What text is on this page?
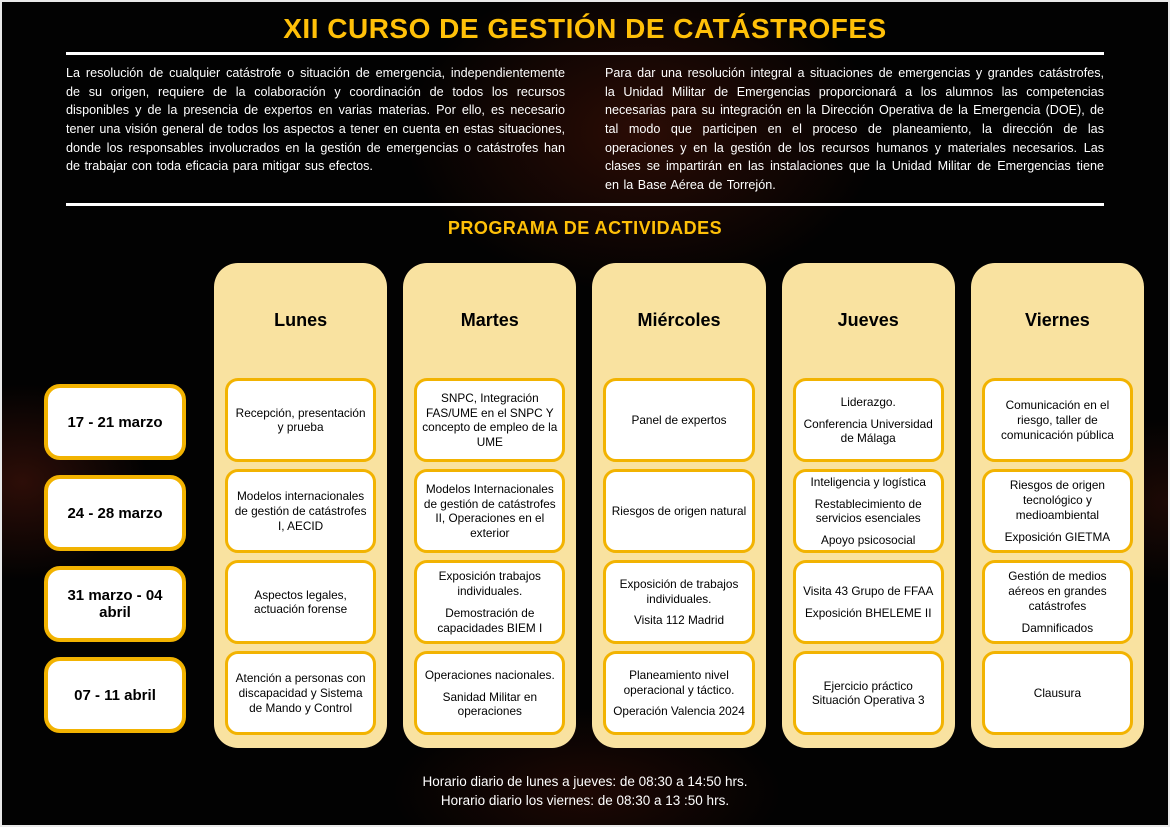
XII CURSO DE GESTIÓN DE CATÁSTROFES

La resolución de cualquier catástrofe o situación de emergencia, independientemente de su origen, requiere de la colaboración y coordinación de todos los recursos disponibles y de la presencia de expertos en varias materias. Por ello, es necesario tener una visión general de todos los aspectos a tener en cuenta en estas situaciones, donde los responsables involucrados en la gestión de emergencias o catástrofes han de trabajar con toda eficacia para mitigar sus efectos.

Para dar una resolución integral a situaciones de emergencias y grandes catástrofes, la Unidad Militar de Emergencias proporcionará a los alumnos las competencias necesarias para su integración en la Dirección Operativa de la Emergencia (DOE), de tal modo que participen en el proceso de planeamiento, la dirección de las operaciones y en la gestión de los recursos humanos y materiales necesarios. Las clases se impartirán en las instalaciones que la Unidad Militar de Emergencias tiene en la Base Aérea de Torrejón.

PROGRAMA DE ACTIVIDADES
17 - 21 marzo
24 - 28 marzo
31 marzo - 04 abril
07 - 11 abril
Lunes

Recepción, presentación y prueba

Modelos internacionales de gestión de catástrofes I, AECID

Aspectos legales, actuación forense

Atención a personas con discapacidad y Sistema de Mando y Control

Martes

SNPC, Integración FAS/UME en el SNPC Y concepto de empleo de la UME

Modelos Internacionales de gestión de catástrofes II, Operaciones en el exterior

Exposición trabajos individuales.

Demostración de capacidades BIEM I

Operaciones nacionales.

Sanidad Militar en operaciones

Miércoles

Panel de expertos

Riesgos de origen natural

Exposición de trabajos individuales.

Visita 112 Madrid

Planeamiento nivel operacional y táctico.

Operación Valencia 2024

Jueves

Liderazgo.

Conferencia Universidad de Málaga

Inteligencia y logística

Restablecimiento de servicios esenciales

Apoyo psicosocial

Visita 43 Grupo de FFAA

Exposición BHELEME II

Ejercicio práctico Situación Operativa 3

Viernes

Comunicación en el riesgo, taller de comunicación pública

Riesgos de origen tecnológico y medioambiental

Exposición GIETMA

Gestión de medios aéreos en grandes catástrofes

Damnificados

Clausura

Horario diario de lunes a jueves: de 08:30 a 14:50 hrs.
Horario diario los viernes: de 08:30 a 13 :50 hrs.
